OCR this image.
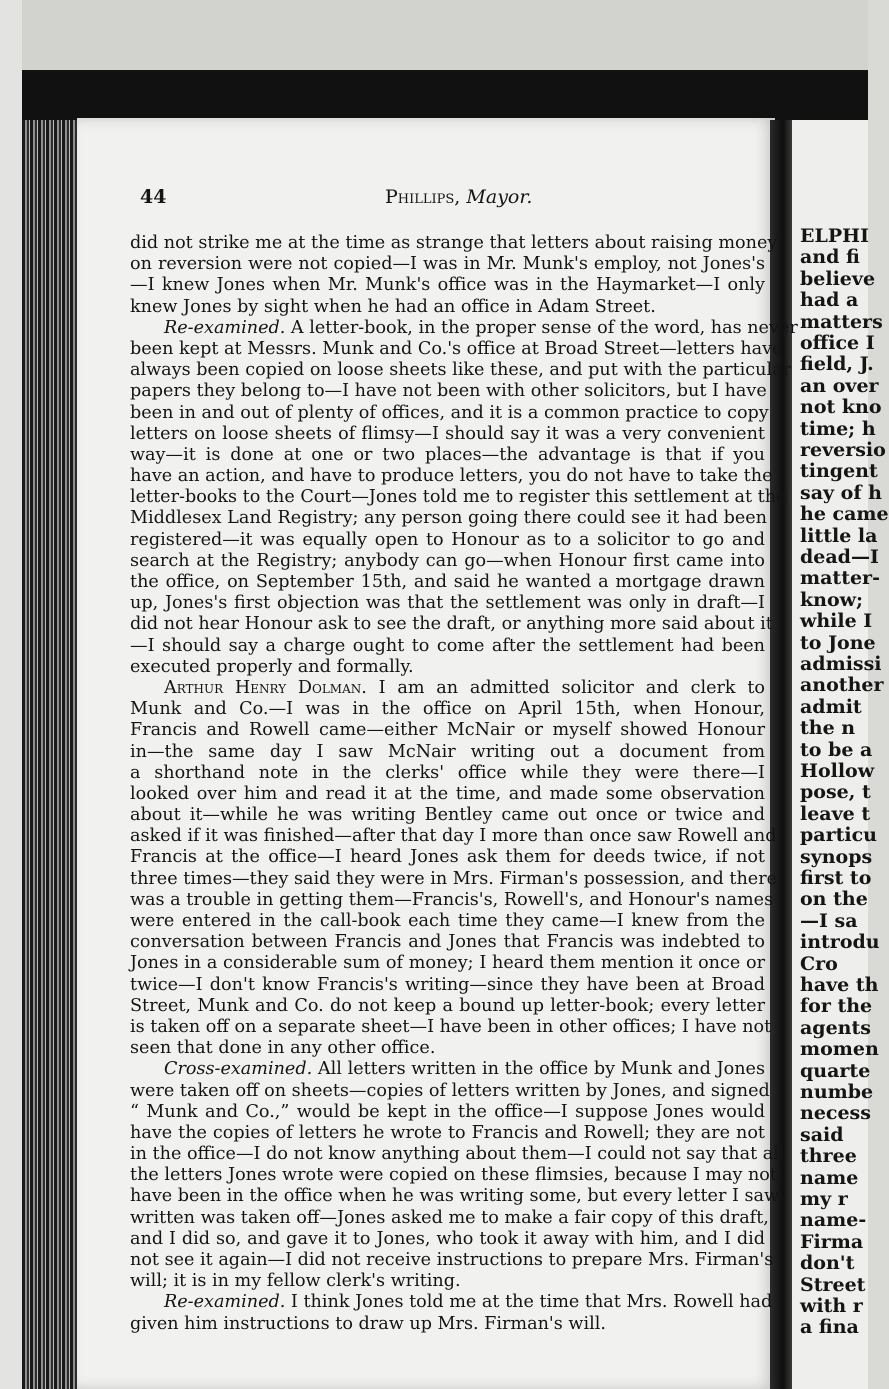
ELPHI
and fi
believe
had a
matters
office I
field, J.
an over
not kno
time; h
reversio
tingent
say of h
he came
little la
dead—I
matter-
know;
while I
to Jone
admissi
another
admit
the n
to be a
Hollow
pose, t
leave t
particu
synops
first to
on the
—I sa
introdu
Cro
have th
for the
agents
momen
quarte
numbe
necess
said
three
name
my r
name-
Firma
don't
Street
with r
a fina
44	Phillips, Mayor.
did not strike me at the time as strange that letters about raising money
on reversion were not copied—I was in Mr. Munk's employ, not Jones's
—I knew Jones when Mr. Munk's office was in the Haymarket—I only
knew Jones by sight when he had an office in Adam Street.
Re-examined. A letter-book, in the proper sense of the word, has never
been kept at Messrs. Munk and Co.'s office at Broad Street—letters have
always been copied on loose sheets like these, and put with the particular
papers they belong to—I have not been with other solicitors, but I have
been in and out of plenty of offices, and it is a common practice to copy
letters on loose sheets of flimsy—I should say it was a very convenient
way—it is done at one or two places—the advantage is that if you
have an action, and have to produce letters, you do not have to take the
letter-books to the Court—Jones told me to register this settlement at the
Middlesex Land Registry; any person going there could see it had been
registered—it was equally open to Honour as to a solicitor to go and
search at the Registry; anybody can go—when Honour first came into
the office, on September 15th, and said he wanted a mortgage drawn
up, Jones's first objection was that the settlement was only in draft—I
did not hear Honour ask to see the draft, or anything more said about it
—I should say a charge ought to come after the settlement had been
executed properly and formally.
Arthur Henry Dolman. I am an admitted solicitor and clerk to
Munk and Co.—I was in the office on April 15th, when Honour,
Francis and Rowell came—either McNair or myself showed Honour
in—the same day I saw McNair writing out a document from
a shorthand note in the clerks' office while they were there—I
looked over him and read it at the time, and made some observation
about it—while he was writing Bentley came out once or twice and
asked if it was finished—after that day I more than once saw Rowell and
Francis at the office—I heard Jones ask them for deeds twice, if not
three times—they said they were in Mrs. Firman's possession, and there
was a trouble in getting them—Francis's, Rowell's, and Honour's names
were entered in the call-book each time they came—I knew from the
conversation between Francis and Jones that Francis was indebted to
Jones in a considerable sum of money; I heard them mention it once or
twice—I don't know Francis's writing—since they have been at Broad
Street, Munk and Co. do not keep a bound up letter-book; every letter
is taken off on a separate sheet—I have been in other offices; I have not
seen that done in any other office.
Cross-examined. All letters written in the office by Munk and Jones
were taken off on sheets—copies of letters written by Jones, and signed
“ Munk and Co.,” would be kept in the office—I suppose Jones would
have the copies of letters he wrote to Francis and Rowell; they are not
in the office—I do not know anything about them—I could not say that all
the letters Jones wrote were copied on these flimsies, because I may not
have been in the office when he was writing some, but every letter I saw
written was taken off—Jones asked me to make a fair copy of this draft,
and I did so, and gave it to Jones, who took it away with him, and I did
not see it again—I did not receive instructions to prepare Mrs. Firman's
will; it is in my fellow clerk's writing.
Re-examined. I think Jones told me at the time that Mrs. Rowell had
given him instructions to draw up Mrs. Firman's will.
